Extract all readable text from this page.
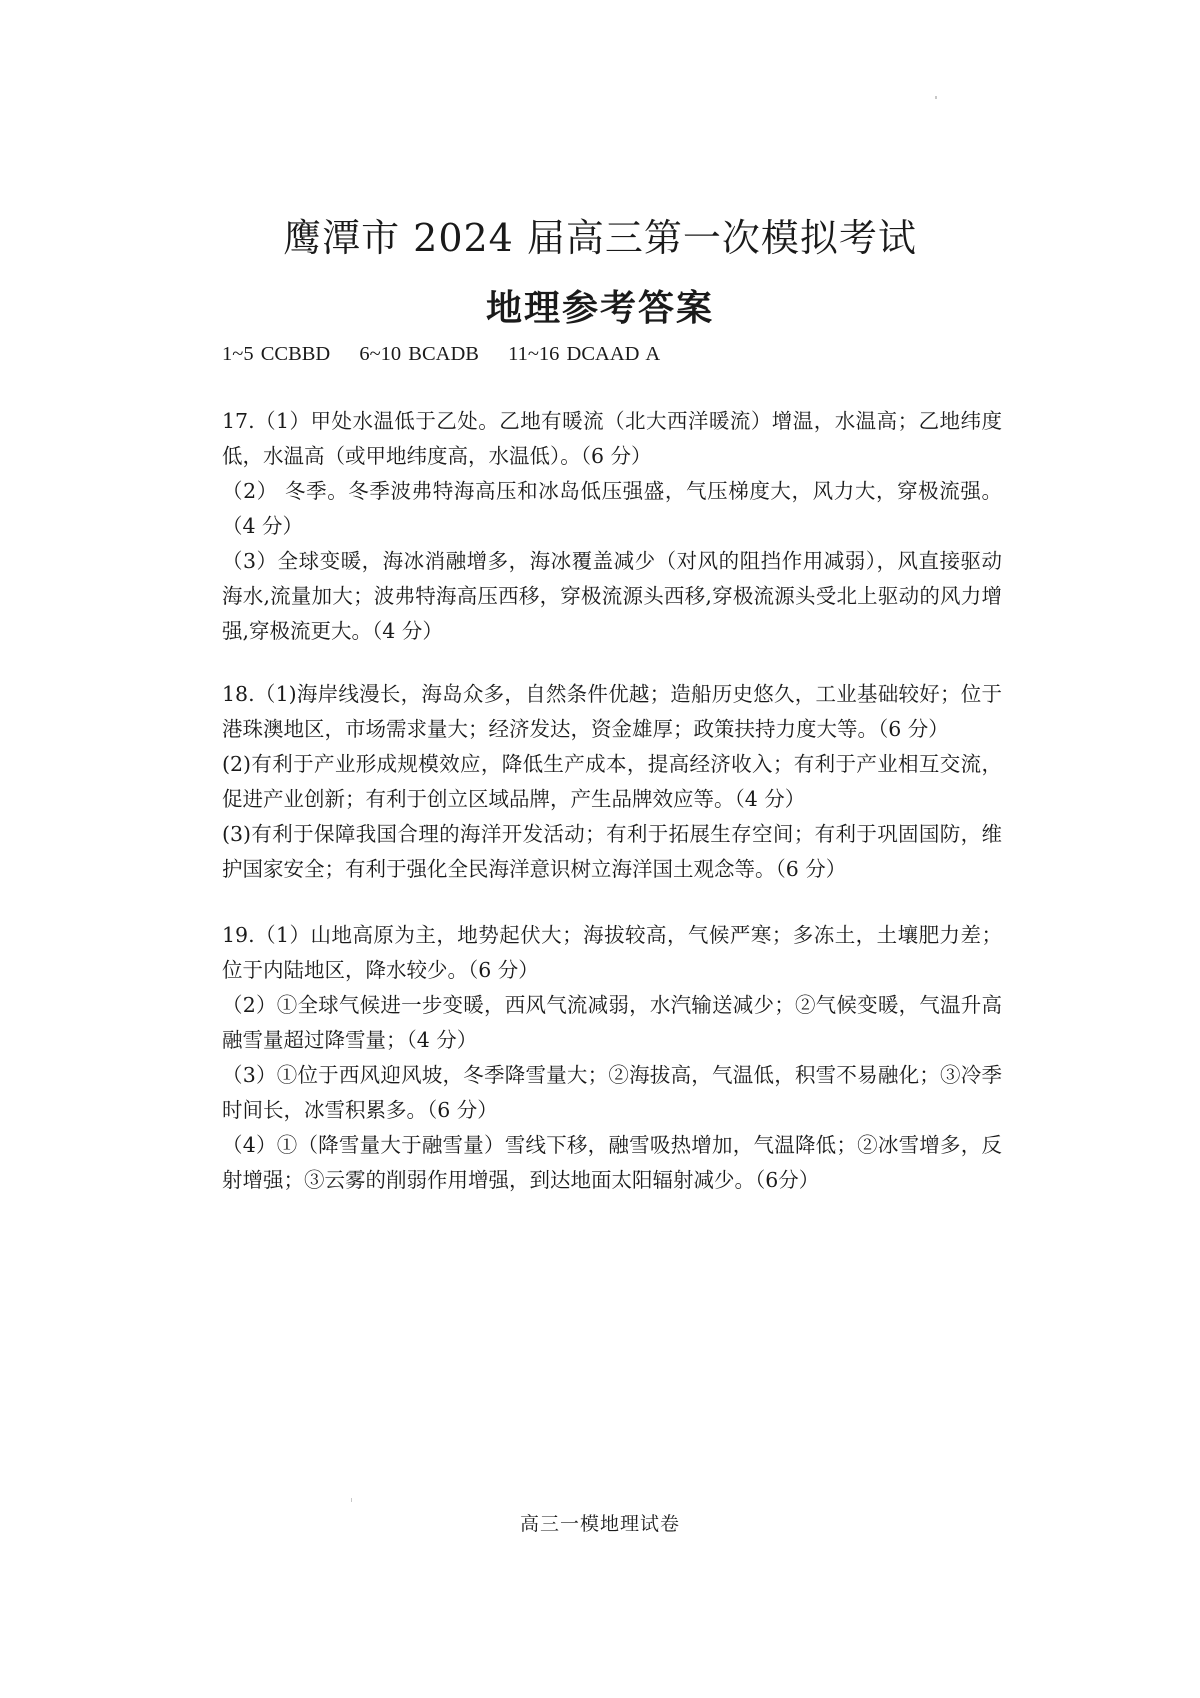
鹰潭市 2024 届高三第一次模拟考试
地理参考答案
1~5 CCBBD 6~10 BCADB 11~16 DCAAD A

17.（1）甲处水温低于乙处。乙地有暖流（北大西洋暖流）增温，水温高；乙地纬度低，水温高（或甲地纬度高，水温低）。（6 分）

（2） 冬季。冬季波弗特海高压和冰岛低压强盛，气压梯度大，风力大，穿极流强。（4 分）

（3）全球变暖，海冰消融增多，海冰覆盖减少（对风的阻挡作用减弱），风直接驱动海水,流量加大；波弗特海高压西移，穿极流源头西移,穿极流源头受北上驱动的风力增强,穿极流更大。（4 分）

18.（1)海岸线漫长，海岛众多，自然条件优越；造船历史悠久，工业基础较好；位于港珠澳地区，市场需求量大；经济发达，资金雄厚；政策扶持力度大等。（6 分）

(2)有利于产业形成规模效应，降低生产成本，提高经济收入；有利于产业相互交流，促进产业创新；有利于创立区域品牌，产生品牌效应等。（4 分）

(3)有利于保障我国合理的海洋开发活动；有利于拓展生存空间；有利于巩固国防，维护国家安全；有利于强化全民海洋意识树立海洋国土观念等。（6 分）

19.（1）山地高原为主，地势起伏大；海拔较高，气候严寒；多冻土，土壤肥力差；位于内陆地区，降水较少。（6 分）

（2）①全球气候进一步变暖，西风气流减弱，水汽输送减少；②气候变暖，气温升高融雪量超过降雪量；（4 分）

（3）①位于西风迎风坡，冬季降雪量大；②海拔高，气温低，积雪不易融化；③冷季时间长，冰雪积累多。（6 分）

（4）①（降雪量大于融雪量）雪线下移，融雪吸热增加，气温降低；②冰雪增多，反射增强；③云雾的削弱作用增强，到达地面太阳辐射减少。（6分）

高三一模地理试卷
